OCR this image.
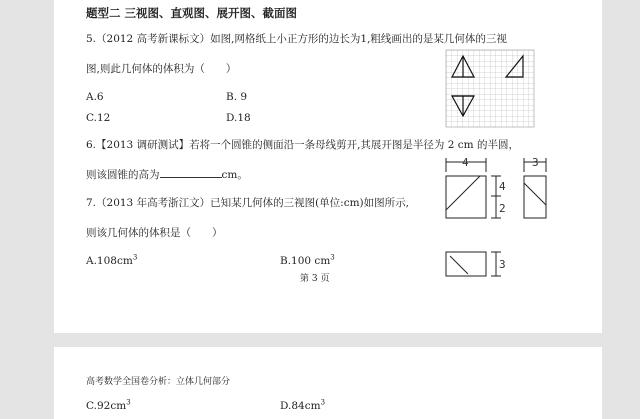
题型二 三视图、直观图、展开图、截面图
5.（2012 高考新课标文）如图,网格纸上小正方形的边长为1,粗线画出的是某几何体的三视
图,则此几何体的体积为（　　）
A.6	B. 9
C.12	D.18
6.【2013 调研测试】若将一个圆锥的侧面沿一条母线剪开,其展开图是半径为 2 cm 的半圆，
则该圆锥的高为	cm。
7.（2013 年高考浙江文）已知某几何体的三视图(单位:cm)如图所示,
则该几何体的体积是（　　）
$A.108cm^3$	B.100 $cm^3$
4	3
4
2
3
第 3 页
高考数学全国卷分析：立体几何部分
$C.92cm^3$	$D.84cm^3$
